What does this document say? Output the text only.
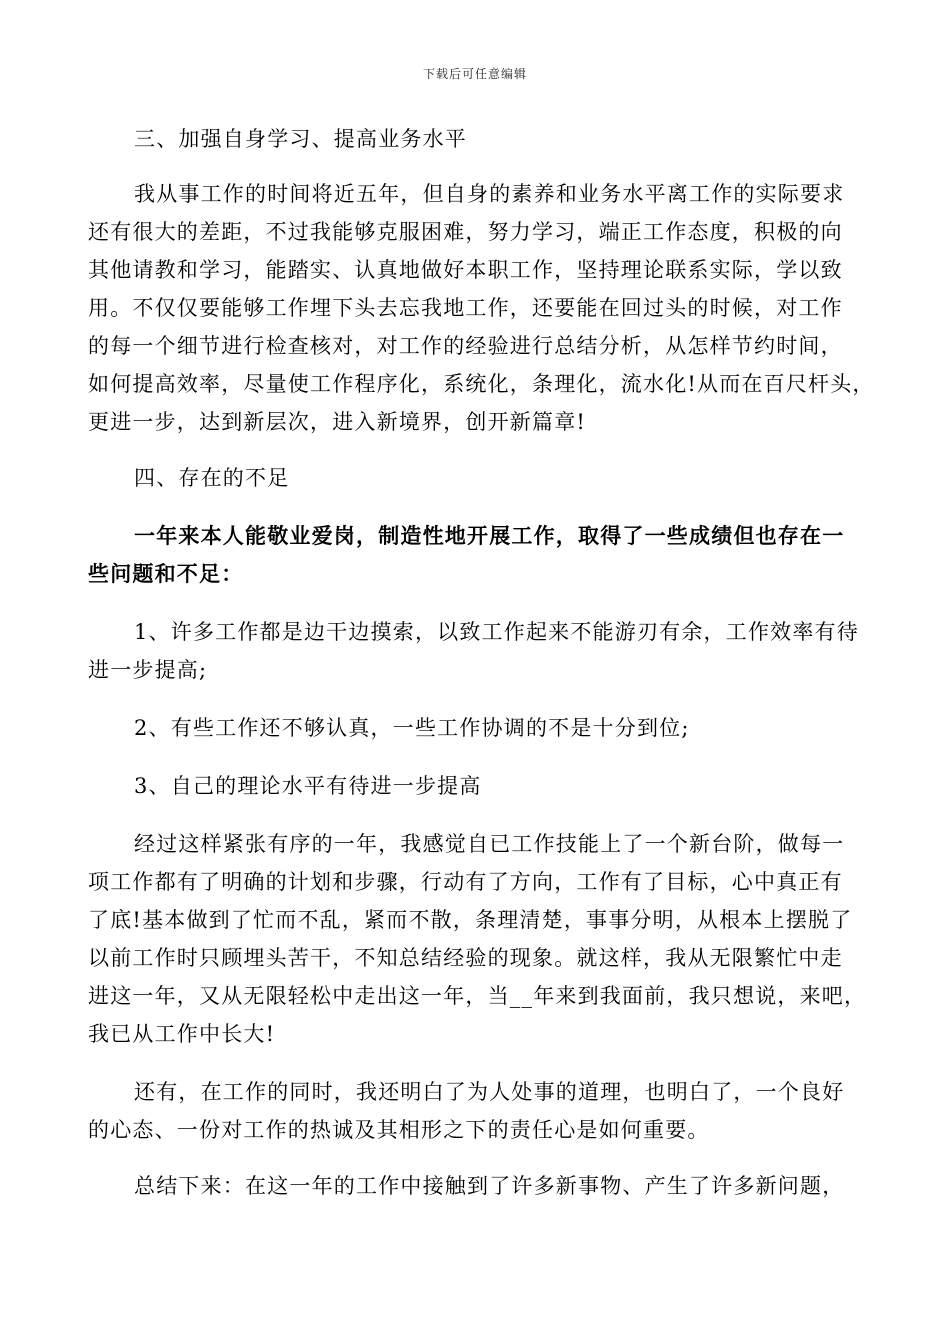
下载后可任意编辑
三、加强自身学习、提高业务水平
我从事工作的时间将近五年，但自身的素养和业务水平离工作的实际要求
还有很大的差距，不过我能够克服困难，努力学习，端正工作态度，积极的向
其他请教和学习，能踏实、认真地做好本职工作，坚持理论联系实际，学以致
用。不仅仅要能够工作埋下头去忘我地工作，还要能在回过头的时候，对工作
的每一个细节进行检查核对，对工作的经验进行总结分析，从怎样节约时间，
如何提高效率，尽量使工作程序化，系统化，条理化，流水化!从而在百尺杆头，
更进一步，达到新层次，进入新境界，创开新篇章!
四、存在的不足
一年来本人能敬业爱岗，制造性地开展工作，取得了一些成绩但也存在一
些问题和不足：
1、许多工作都是边干边摸索，以致工作起来不能游刃有余，工作效率有待
进一步提高;
2、有些工作还不够认真，一些工作协调的不是十分到位;
3、自己的理论水平有待进一步提高
经过这样紧张有序的一年，我感觉自已工作技能上了一个新台阶，做每一
项工作都有了明确的计划和步骤，行动有了方向，工作有了目标，心中真正有
了底!基本做到了忙而不乱，紧而不散，条理清楚，事事分明，从根本上摆脱了
以前工作时只顾埋头苦干，不知总结经验的现象。就这样，我从无限繁忙中走
进这一年，又从无限轻松中走出这一年，当__年来到我面前，我只想说，来吧，
我已从工作中长大!
还有，在工作的同时，我还明白了为人处事的道理，也明白了，一个良好
的心态、一份对工作的热诚及其相形之下的责任心是如何重要。
总结下来：在这一年的工作中接触到了许多新事物、产生了许多新问题，
